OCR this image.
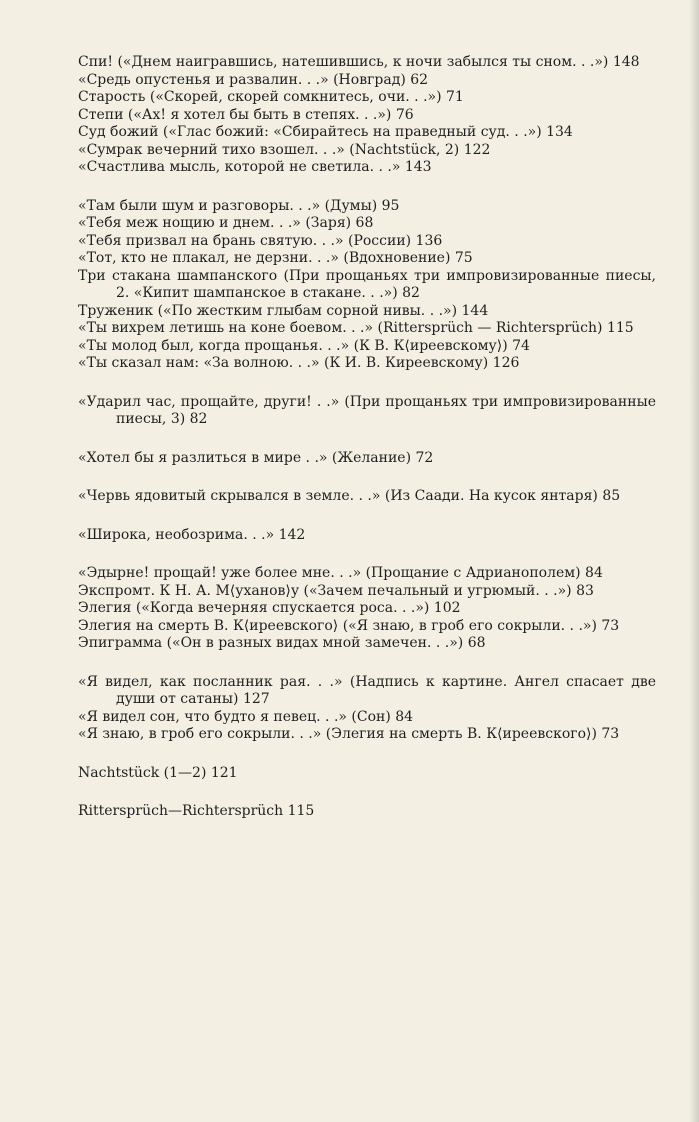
Спи! («Днем наигравшись, натешившись, к ночи забылся ты сном. . .») 148
«Средь опустенья и развалин. . .» (Новград) 62
Старость («Скорей, скорей сомкнитесь, очи. . .») 71
Степи («Ах! я хотел бы быть в степях. . .») 76
Суд божий («Глас божий: «Сбирайтесь на праведный суд. . .») 134
«Сумрак вечерний тихо взошел. . .» (Nachtstück, 2) 122
«Счастлива мысль, которой не светила. . .» 143
«Там были шум и разговоры. . .» (Думы) 95
«Тебя меж нощию и днем. . .» (Заря) 68
«Тебя призвал на брань святую. . .» (России) 136
«Тот, кто не плакал, не дерзни. . .» (Вдохновение) 75
Три стакана шампанского (При прощаньях три импровизированные пиесы, 2. «Кипит шампанское в стакане. . .») 82
Труженик («По жестким глыбам сорной нивы. . .») 144
«Ты вихрем летишь на коне боевом. . .» (Rittersprüch — Richtersprüch) 115
«Ты молод был, когда прощанья. . .» (К В. К⟨иреевскому⟩) 74
«Ты сказал нам: «За волною. . .» (К И. В. Киреевскому) 126
«Ударил час, прощайте, други! . .» (При прощаньях три импровизированные пиесы, 3) 82
«Хотел бы я разлиться в мире . .» (Желание) 72
«Червь ядовитый скрывался в земле. . .» (Из Саади. На кусок янтаря) 85
«Широка, необозрима. . .» 142
«Эдырне! прощай! уже более мне. . .» (Прощание с Адрианополем) 84
Экспромт. К Н. А. М⟨уханов⟩у («Зачем печальный и угрюмый. . .») 83
Элегия («Когда вечерняя спускается роса. . .») 102
Элегия на смерть В. К⟨иреевского⟩ («Я знаю, в гроб его сокрыли. . .») 73
Эпиграмма («Он в разных видах мной замечен. . .») 68
«Я видел, как посланник рая. . .» (Надпись к картине. Ангел спасает две души от сатаны) 127
«Я видел сон, что будто я певец. . .» (Сон) 84
«Я знаю, в гроб его сокрыли. . .» (Элегия на смерть В. К⟨иреевского⟩) 73
Nachtstück (1—2) 121
Rittersprüch—Richtersprüch 115
